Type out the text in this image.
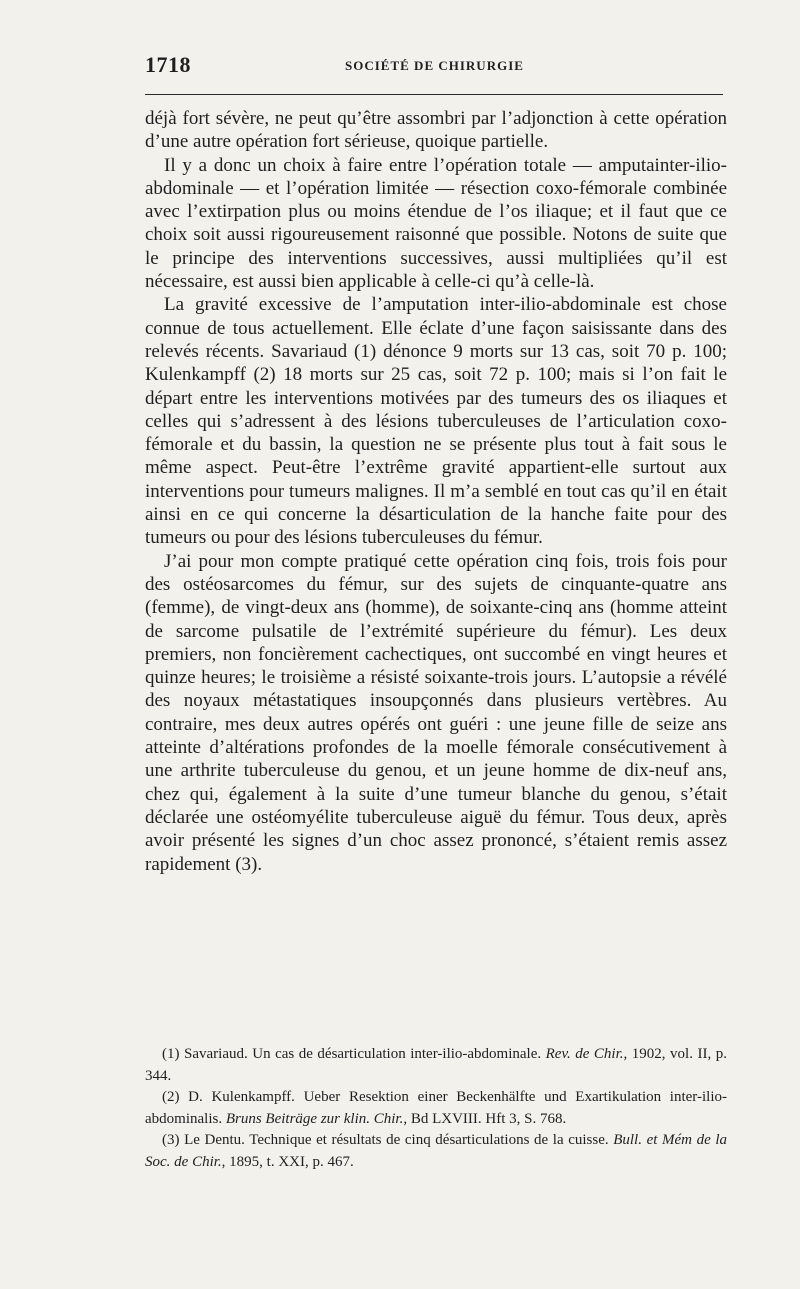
1718	SOCIÉTÉ DE CHIRURGIE

déjà fort sévère, ne peut qu’être assombri par l’adjonction à cette opération d’une autre opération fort sérieuse, quoique partielle.

Il y a donc un choix à faire entre l’opération totale — amputainter-ilio-abdominale — et l’opération limitée — résection coxo-fémorale combinée avec l’extirpation plus ou moins étendue de l’os iliaque; et il faut que ce choix soit aussi rigoureusement raisonné que possible. Notons de suite que le principe des interventions successives, aussi multipliées qu’il est nécessaire, est aussi bien applicable à celle-ci qu’à celle-là.

La gravité excessive de l’amputation inter-ilio-abdominale est chose connue de tous actuellement. Elle éclate d’une façon saisissante dans des relevés récents. Savariaud (1) dénonce 9 morts sur 13 cas, soit 70 p. 100; Kulenkampff (2) 18 morts sur 25 cas, soit 72 p. 100; mais si l’on fait le départ entre les interventions motivées par des tumeurs des os iliaques et celles qui s’adressent à des lésions tuberculeuses de l’articulation coxo-fémorale et du bassin, la question ne se présente plus tout à fait sous le même aspect. Peut-être l’extrême gravité appartient-elle surtout aux interventions pour tumeurs malignes. Il m’a semblé en tout cas qu’il en était ainsi en ce qui concerne la désarticulation de la hanche faite pour des tumeurs ou pour des lésions tuberculeuses du fémur.

J’ai pour mon compte pratiqué cette opération cinq fois, trois fois pour des ostéosarcomes du fémur, sur des sujets de cinquante-quatre ans (femme), de vingt-deux ans (homme), de soixante-cinq ans (homme atteint de sarcome pulsatile de l’extrémité supérieure du fémur). Les deux premiers, non foncièrement cachectiques, ont succombé en vingt heures et quinze heures; le troisième a résisté soixante-trois jours. L’autopsie a révélé des noyaux métastatiques insoupçonnés dans plusieurs vertèbres. Au contraire, mes deux autres opérés ont guéri : une jeune fille de seize ans atteinte d’altérations profondes de la moelle fémorale consécutivement à une arthrite tuberculeuse du genou, et un jeune homme de dix-neuf ans, chez qui, également à la suite d’une tumeur blanche du genou, s’était déclarée une ostéomyélite tuberculeuse aiguë du fémur. Tous deux, après avoir présenté les signes d’un choc assez prononcé, s’étaient remis assez rapidement (3).

(1) Savariaud. Un cas de désarticulation inter-ilio-abdominale. Rev. de Chir., 1902, vol. II, p. 344.

(2) D. Kulenkampff. Ueber Resektion einer Beckenhälfte und Exartikulation inter-ilio-abdominalis. Bruns Beiträge zur klin. Chir., Bd LXVIII. Hft 3, S. 768.

(3) Le Dentu. Technique et résultats de cinq désarticulations de la cuisse. Bull. et Mém de la Soc. de Chir., 1895, t. XXI, p. 467.
